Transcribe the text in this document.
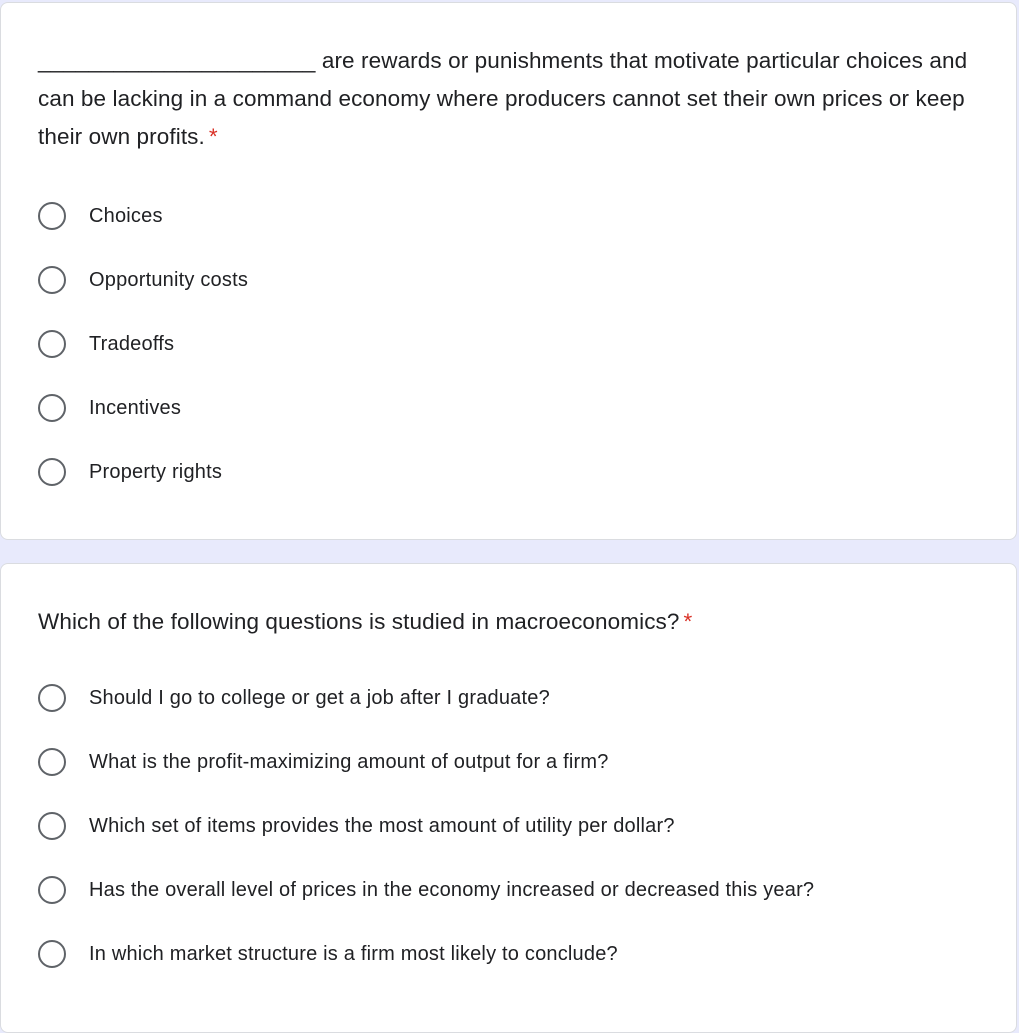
______________________ are rewards or punishments that motivate particular choices and can be lacking in a command economy where producers cannot set their own prices or keep their own profits. *
Choices
Opportunity costs
Tradeoffs
Incentives
Property rights
Which of the following questions is studied in macroeconomics? *
Should I go to college or get a job after I graduate?
What is the profit-maximizing amount of output for a firm?
Which set of items provides the most amount of utility per dollar?
Has the overall level of prices in the economy increased or decreased this year?
In which market structure is a firm most likely to conclude?
